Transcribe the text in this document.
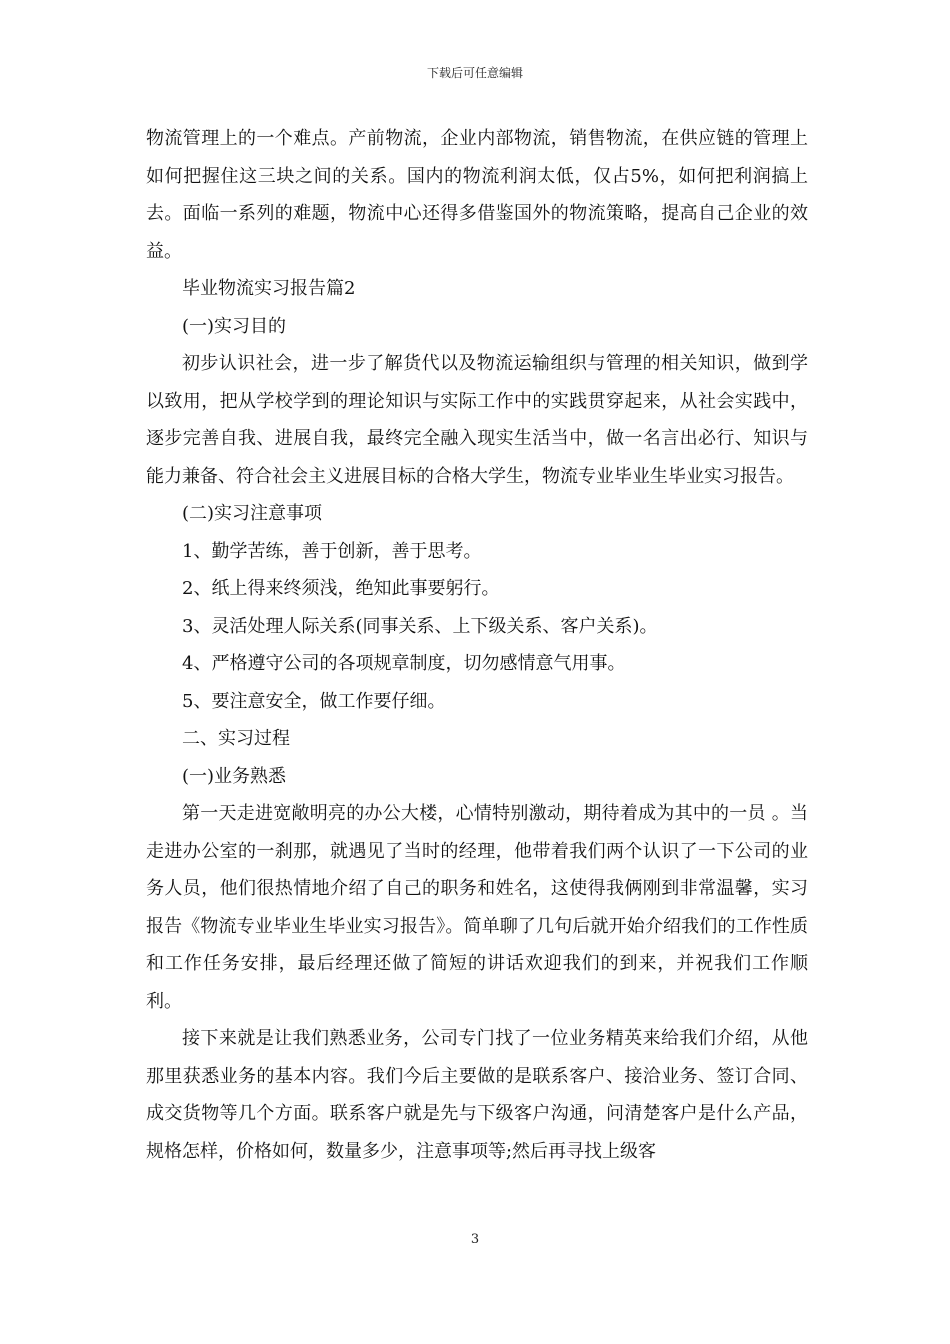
下载后可任意编辑

物流管理上的一个难点。产前物流，企业内部物流，销售物流，在供应链的管理上如何把握住这三块之间的关系。国内的物流利润太低，仅占5%，如何把利润搞上去。面临一系列的难题，物流中心还得多借鉴国外的物流策略，提高自己企业的效益。

毕业物流实习报告篇2

(一)实习目的

初步认识社会，进一步了解货代以及物流运输组织与管理的相关知识，做到学以致用，把从学校学到的理论知识与实际工作中的实践贯穿起来，从社会实践中，逐步完善自我、进展自我，最终完全融入现实生活当中，做一名言出必行、知识与能力兼备、符合社会主义进展目标的合格大学生，物流专业毕业生毕业实习报告。

(二)实习注意事项

1、勤学苦练，善于创新，善于思考。

2、纸上得来终须浅，绝知此事要躬行。

3、灵活处理人际关系(同事关系、上下级关系、客户关系)。

4、严格遵守公司的各项规章制度，切勿感情意气用事。

5、要注意安全，做工作要仔细。

二、实习过程

(一)业务熟悉

第一天走进宽敞明亮的办公大楼，心情特别激动，期待着成为其中的一员 。当走进办公室的一刹那，就遇见了当时的经理，他带着我们两个认识了一下公司的业务人员，他们很热情地介绍了自己的职务和姓名，这使得我俩刚到非常温馨，实习报告《物流专业毕业生毕业实习报告》。简单聊了几句后就开始介绍我们的工作性质和工作任务安排，最后经理还做了简短的讲话欢迎我们的到来，并祝我们工作顺利。

接下来就是让我们熟悉业务，公司专门找了一位业务精英来给我们介绍，从他那里获悉业务的基本内容。我们今后主要做的是联系客户、接洽业务、签订合同、成交货物等几个方面。联系客户就是先与下级客户沟通，问清楚客户是什么产品，规格怎样，价格如何，数量多少，注意事项等;然后再寻找上级客

3
